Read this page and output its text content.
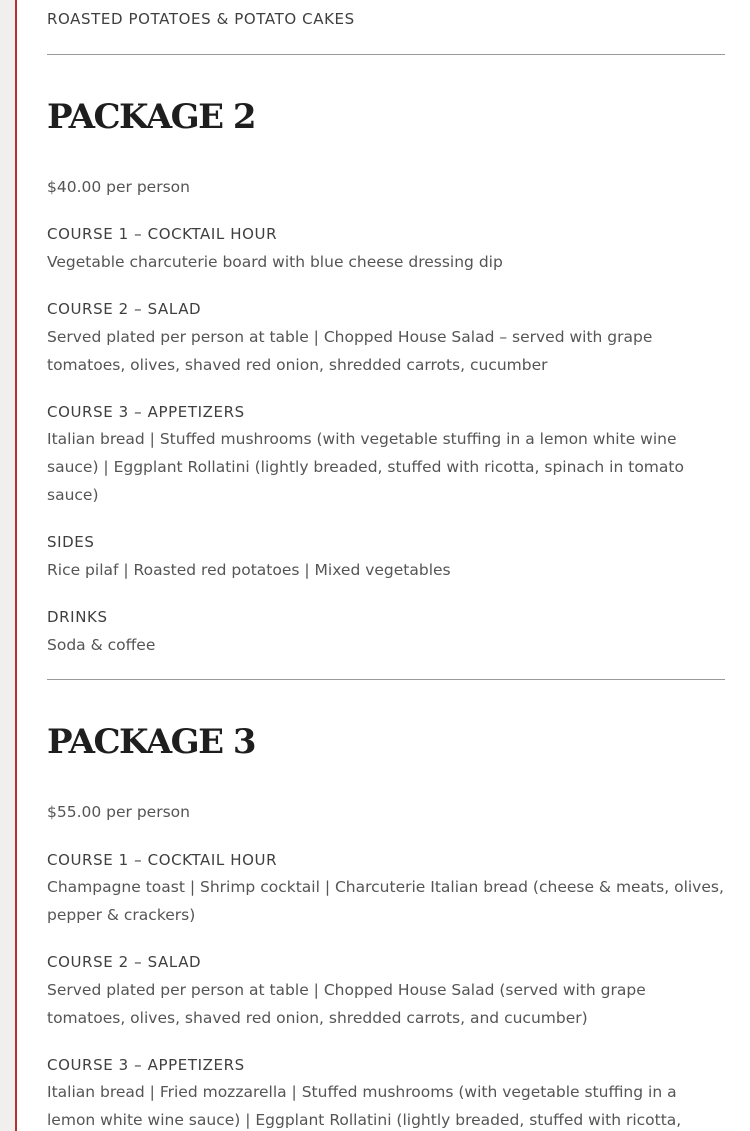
ROASTED POTATOES & POTATO CAKES
PACKAGE 2
$40.00 per person
COURSE 1 – COCKTAIL HOUR
Vegetable charcuterie board with blue cheese dressing dip
COURSE 2 – SALAD
Served plated per person at table | Chopped House Salad – served with grape tomatoes, olives, shaved red onion, shredded carrots, cucumber
COURSE 3 – APPETIZERS
Italian bread | Stuffed mushrooms (with vegetable stuffing in a lemon white wine sauce) | Eggplant Rollatini (lightly breaded, stuffed with ricotta, spinach in tomato sauce)
SIDES
Rice pilaf | Roasted red potatoes | Mixed vegetables
DRINKS
Soda & coffee
PACKAGE 3
$55.00 per person
COURSE 1 – COCKTAIL HOUR
Champagne toast | Shrimp cocktail | Charcuterie Italian bread (cheese & meats, olives, pepper & crackers)
COURSE 2 – SALAD
Served plated per person at table | Chopped House Salad (served with grape tomatoes, olives, shaved red onion, shredded carrots, and cucumber)
COURSE 3 – APPETIZERS
Italian bread | Fried mozzarella | Stuffed mushrooms (with vegetable stuffing in a lemon white wine sauce) | Eggplant Rollatini (lightly breaded, stuffed with ricotta,
